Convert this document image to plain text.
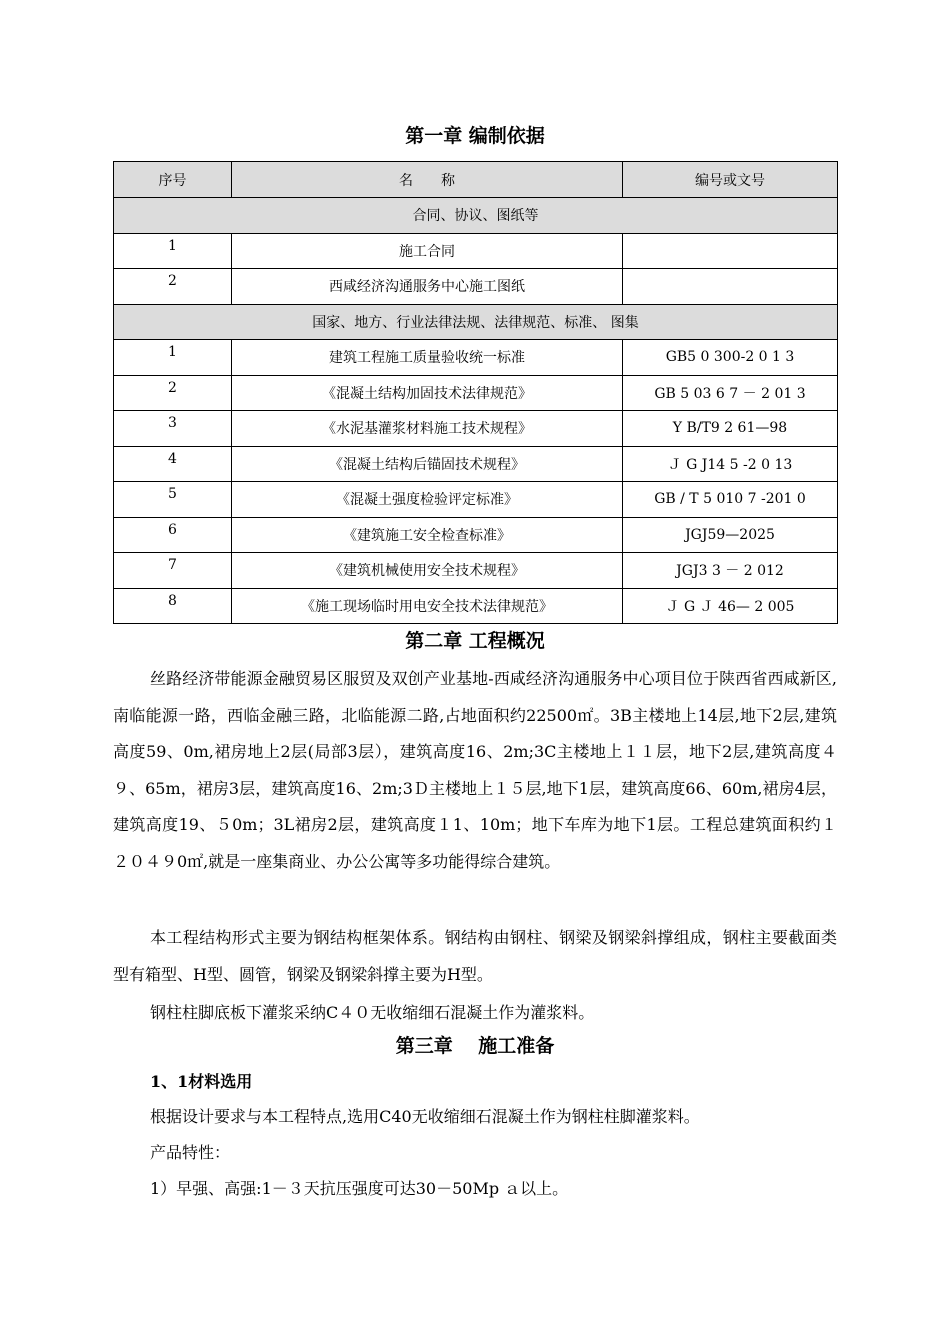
第一章 编制依据
序号	名　　称	编号或文号
合同、协议、图纸等		
1	施工合同	
2	西咸经济沟通服务中心施工图纸	
国家、地方、行业法律法规、法律规范、标准、 图集		
1	建筑工程施工质量验收统一标准	GB5 0 300-2 0 1 3
2	《混凝土结构加固技术法律规范》	GB 5 03 6 7 － 2 01 3
3	《水泥基灌浆材料施工技术规程》	Y B/T9 2 61—98
4	《混凝土结构后锚固技术规程》	Ｊ G J14 5 -2 0 13
5	《混凝土强度检验评定标准》	GB / T 5 010 7 -201 0
6	《建筑施工安全检查标准》	JGJ59—2025
7	《建筑机械使用安全技术规程》	JGJ3 3 － 2 012
8	《施工现场临时用电安全技术法律规范》	Ｊ G Ｊ 46— 2 005
第二章 工程概况

丝路经济带能源金融贸易区服贸及双创产业基地-西咸经济沟通服务中心项目位于陕西省西咸新区,南临能源一路，西临金融三路，北临能源二路,占地面积约22500㎡。3B主楼地上14层,地下2层,建筑高度59、0m,裙房地上2层(局部3层），建筑高度16、2m;3C主楼地上１１层，地下2层,建筑高度４９、65m，裙房3层，建筑高度16、2m;3Ｄ主楼地上１５层,地下1层，建筑高度66、60m,裙房4层，建筑高度19、５0m；3L裙房2层，建筑高度１1、10m；地下车库为地下1层。工程总建筑面积约１２０４９0㎡,就是一座集商业、办公公寓等多功能得综合建筑。

本工程结构形式主要为钢结构框架体系。钢结构由钢柱、钢梁及钢梁斜撑组成，钢柱主要截面类型有箱型、H型、圆管，钢梁及钢梁斜撑主要为H型。

钢柱柱脚底板下灌浆采纳C４０无收缩细石混凝土作为灌浆料。

第三章　 施工准备

1、1材料选用

根据设计要求与本工程特点,选用C40无收缩细石混凝土作为钢柱柱脚灌浆料。

产品特性：

1）早强、高强:1－３天抗压强度可达30－50Mp ａ以上。
